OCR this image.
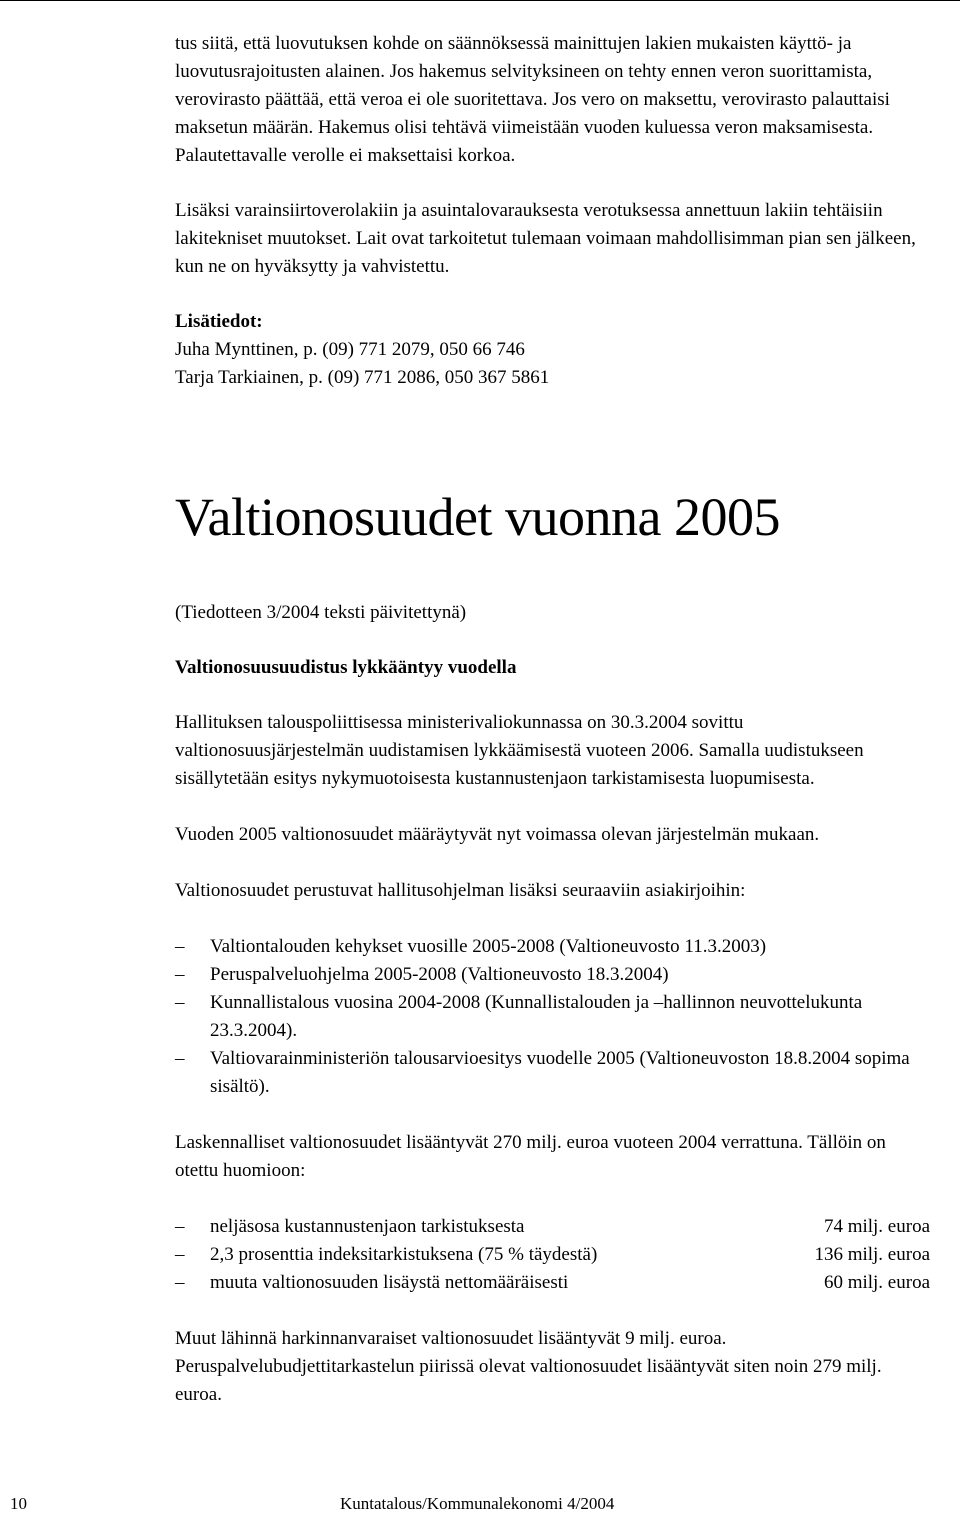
tus siitä, että luovutuksen kohde on säännöksessä mainittujen lakien mukaisten käyttö- ja luovutusrajoitusten alainen. Jos hakemus selvityksineen on tehty ennen veron suorittamista, verovirasto päättää, että veroa ei ole suoritettava. Jos vero on maksettu, verovirasto palauttaisi maksetun määrän. Hakemus olisi tehtävä viimeistään vuoden kuluessa veron maksamisesta. Palautettavalle verolle ei maksettaisi korkoa.

Lisäksi varainsiirtoverolakiin ja asuintalovarauksesta verotuksessa annettuun lakiin tehtäisiin lakitekniset muutokset. Lait ovat tarkoitetut tulemaan voimaan mahdollisimman pian sen jälkeen, kun ne on hyväksytty ja vahvistettu.

Lisätiedot:

Juha Mynttinen, p. (09) 771 2079, 050 66 746

Tarja Tarkiainen, p. (09) 771 2086, 050 367 5861

Valtionosuudet vuonna 2005

(Tiedotteen 3/2004 teksti päivitettynä)

Valtionosuusuudistus lykkääntyy vuodella

Hallituksen talouspoliittisessa ministerivaliokunnassa on 30.3.2004 sovittu valtionosuusjärjestelmän uudistamisen lykkäämisestä vuoteen 2006. Samalla uudistukseen sisällytetään esitys nykymuotoisesta kustannustenjaon tarkistamisesta luopumisesta.

Vuoden 2005 valtionosuudet määräytyvät nyt voimassa olevan järjestelmän mukaan.

Valtionosuudet perustuvat hallitusohjelman lisäksi seuraaviin asiakirjoihin:

– Valtiontalouden kehykset vuosille 2005-2008 (Valtioneuvosto 11.3.2003)
– Peruspalveluohjelma 2005-2008 (Valtioneuvosto 18.3.2004)
– Kunnallistalous vuosina 2004-2008 (Kunnallistalouden ja –hallinnon neuvottelukunta 23.3.2004).
– Valtiovarainministeriön talousarvioesitys vuodelle 2005 (Valtioneuvoston 18.8.2004 sopima sisältö).

Laskennalliset valtionosuudet lisääntyvät 270 milj. euroa vuoteen 2004 verrattuna. Tällöin on otettu huomioon:

– neljäsosa kustannustenjaon tarkistuksesta	74 milj. euroa
– 2,3 prosenttia indeksitarkistuksena (75 % täydestä)	136 milj. euroa
– muuta valtionosuuden lisäystä nettomääräisesti	60 milj. euroa

Muut lähinnä harkinnanvaraiset valtionosuudet lisääntyvät 9 milj. euroa. Peruspalvelubudjettitarkastelun piirissä olevat valtionosuudet lisääntyvät siten noin 279 milj. euroa.

10	Kuntatalous/Kommunalekonomi 4/2004
